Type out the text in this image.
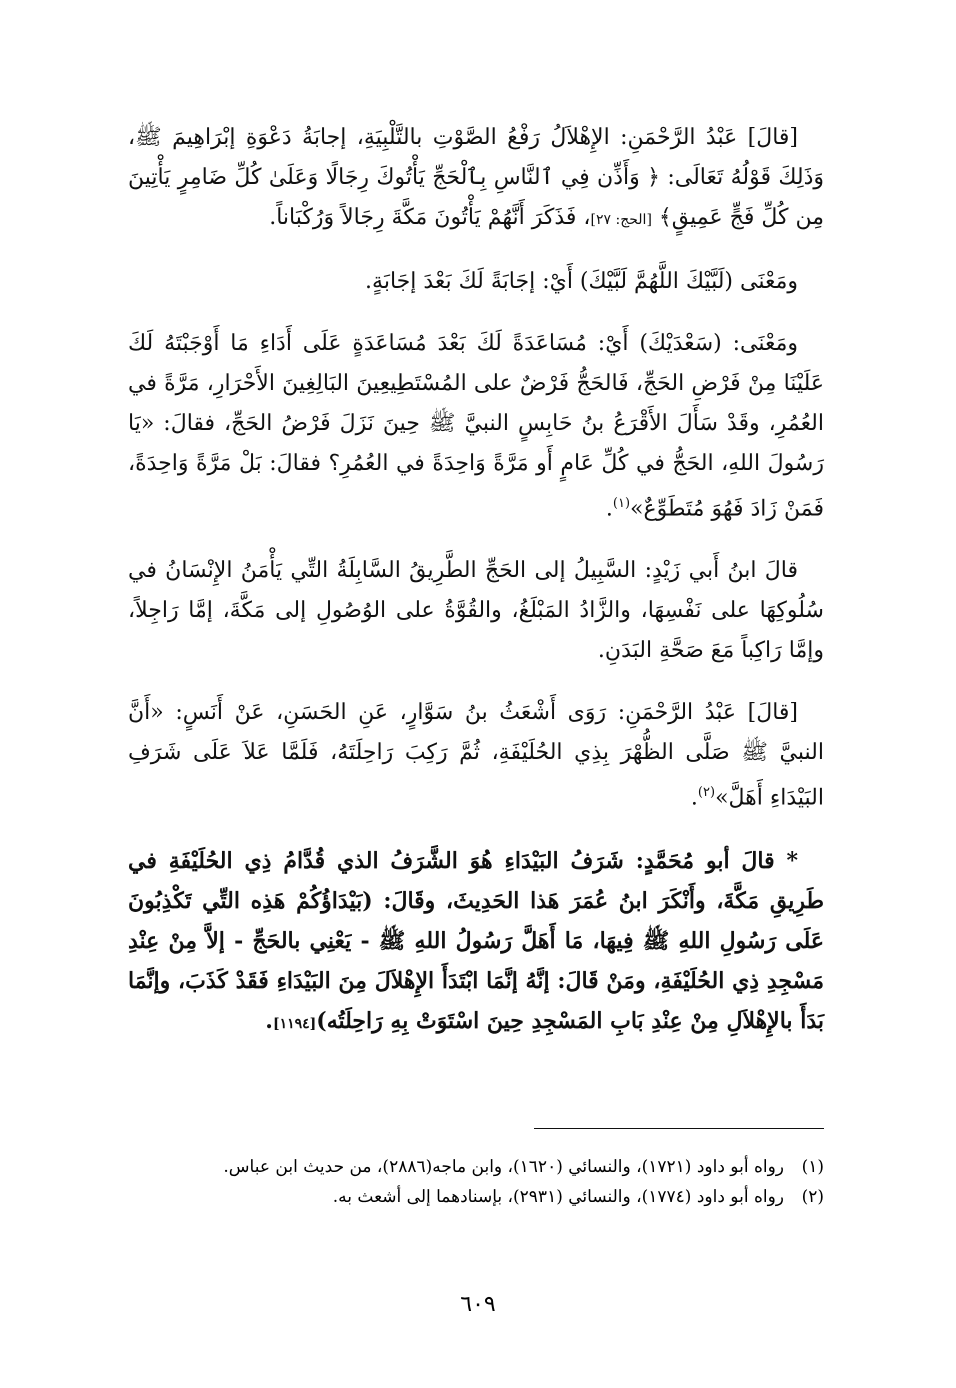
[قالَ] عَبْدُ الرَّحْمَنِ: الإِهْلاَلُ رَفْعُ الصَّوْتِ بالتَّلْبِيَةِ، إجابَةُ دَعْوَةِ إبْرَاهِيمَ ﷺ، وَذَلِكَ قَوْلُهُ تَعَالَى: ﴿ وَأَذِّن فِي ٱلنَّاسِ بِٱلْحَجِّ يَأْتُوكَ رِجَالًا وَعَلَىٰ كُلِّ ضَامِرٍ يَأْتِينَ مِن كُلِّ فَجٍّ عَمِيقٍ﴾ [الحج: ٢٧]، فَذَكَرَ أَنَّهُمْ يَأْتُونَ مَكَّةَ رِجَالاً وَرُكْبَاناً.

ومَعْنَى (لَبَّيْكَ اللَّهُمَّ لَبَّيْكَ) أَيْ: إجَابَةً لَكَ بَعْدَ إجَابَةٍ.

ومَعْنَى: (سَعْدَيْكَ) أَيْ: مُسَاعَدَةً لَكَ بَعْدَ مُسَاعَدَةٍ عَلَى أَدَاءِ مَا أَوْجَبْتَهُ لَكَ عَلَيْنَا مِنْ فَرْضِ الحَجِّ، فَالحَجُّ فَرْضٌ على المُسْتَطِيعِينَ البَالِغِينَ الأَحْرَارِ، مَرَّةً في العُمُرِ، وقَدْ سَأَلَ الأَقْرَعُ بنُ حَابِسٍ النبيَّ ﷺ حِينَ نَزَلَ فَرْضُ الحَجِّ، فقالَ: «يَا رَسُولَ اللهِ، الحَجُّ في كُلِّ عَامٍ أَو مَرَّةً وَاحِدَةً في العُمُرِ؟ فقالَ: بَلْ مَرَّةً وَاحِدَةً، فَمَنْ زَادَ فَهُوَ مُتَطَوِّعٌ»$^{(١)}$.

قالَ ابنُ أَبي زَيْدٍ: السَّبِيلُ إلى الحَجِّ الطَّرِيقُ السَّابِلَةُ التِّي يَأْمَنُ الإِنْسَانُ في سُلُوكِهَا على نَفْسِهَا، والزَّادُ المَبْلَغُ، والقُوَّةُ على الوُصُولِ إلى مَكَّةَ، إمَّا رَاجِلاً، وإمَّا رَاكِباً مَعَ صَحَّةِ البَدَنِ.

[قالَ] عَبْدُ الرَّحْمَنِ: رَوَى أَشْعَثُ بنُ سَوَّارٍ، عَنِ الحَسَنِ، عَنْ أَنَسٍ: «أَنَّ النبيَّ ﷺ صَلَّى الظُّهْرَ بِذِي الحُلَيْفَةِ، ثُمَّ رَكِبَ رَاحِلَتَهُ، فَلَمَّا عَلاَ عَلَى شَرَفِ البَيْدَاءِ أَهَلَّ»$^{(٢)}$.

* قالَ أبو مُحَمَّدٍ: شَرَفُ البَيْدَاءِ هُوَ الشَّرَفُ الذي قُدَّامُ ذِي الحُلَيْفَةِ في طَرِيقِ مَكَّةَ، وأَنْكَرَ ابنُ عُمَرَ هَذا الحَدِيثَ، وقَالَ: (بَيْدَاؤُكُمْ هَذِه التِّي تَكْذِبُونَ عَلَى رَسُولِ اللهِ ﷺ فِيهَا، مَا أَهَلَّ رَسُولُ اللهِ ﷺ - يَعْنِي بالحَجِّ - إلاَّ مِنْ عِنْدِ مَسْجِدِ ذِي الحُلَيْفَةِ، ومَنْ قَالَ: إنَّهُ إنَّمَا ابْتَدَأَ الإِهْلاَلَ مِنَ البَيْدَاءِ فَقَدْ كَذَبَ، وإنَّمَا بَدَأَ بالإِهْلاَلِ مِنْ عِنْدِ بَابِ المَسْجِدِ حِينَ اسْتَوَتْ بِهِ رَاحِلَتُه)[١١٩٤].

(١)
رواه أبو داود (١٧٢١)، والنسائي (١٦٢٠)، وابن ماجه(٢٨٨٦)، من حديث ابن عباس.
(٢)
رواه أبو داود (١٧٧٤)، والنسائي (٢٩٣١)، بإسنادهما إلى أشعث به.
٦٠٩
